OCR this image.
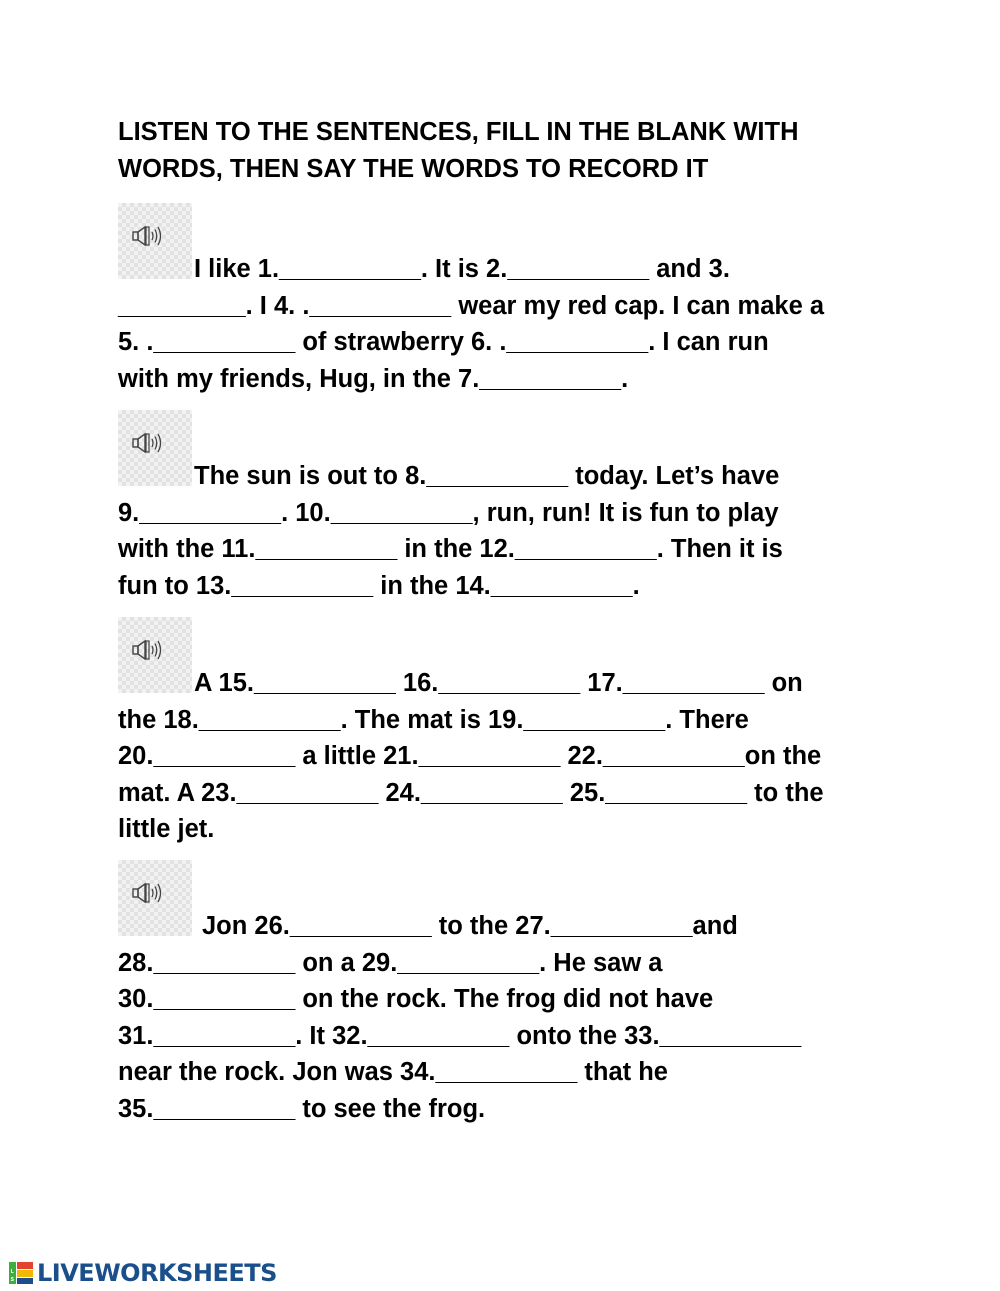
LISTEN TO THE SENTENCES, FILL IN THE BLANK WITH
WORDS, THEN SAY THE WORDS TO RECORD IT
I like 1.__________. It is 2.__________ and 3.
_________. I 4. .__________ wear my red cap. I can make a
5. .__________ of strawberry 6. .__________. I can run
with my friends, Hug, in the 7.__________.
The sun is out to 8.__________ today. Let’s have
9.__________. 10.__________, run, run! It is fun to play
with the 11.__________ in the 12.__________. Then it is
fun to 13.__________ in the 14.__________.
A 15.__________ 16.__________ 17.__________ on
the 18.__________. The mat is 19.__________. There
20.__________ a little 21.__________ 22.__________on the
mat. A 23.__________ 24.__________ 25.__________ to the
little jet.
Jon 26.__________ to the 27.__________and
28.__________ on a 29.__________. He saw a
30.__________ on the rock. The frog did not have
31.__________. It 32.__________ onto the 33.__________
near the rock. Jon was 34.__________ that he
35.__________ to see the frog.
L
S LIVEWORKSHEETS
